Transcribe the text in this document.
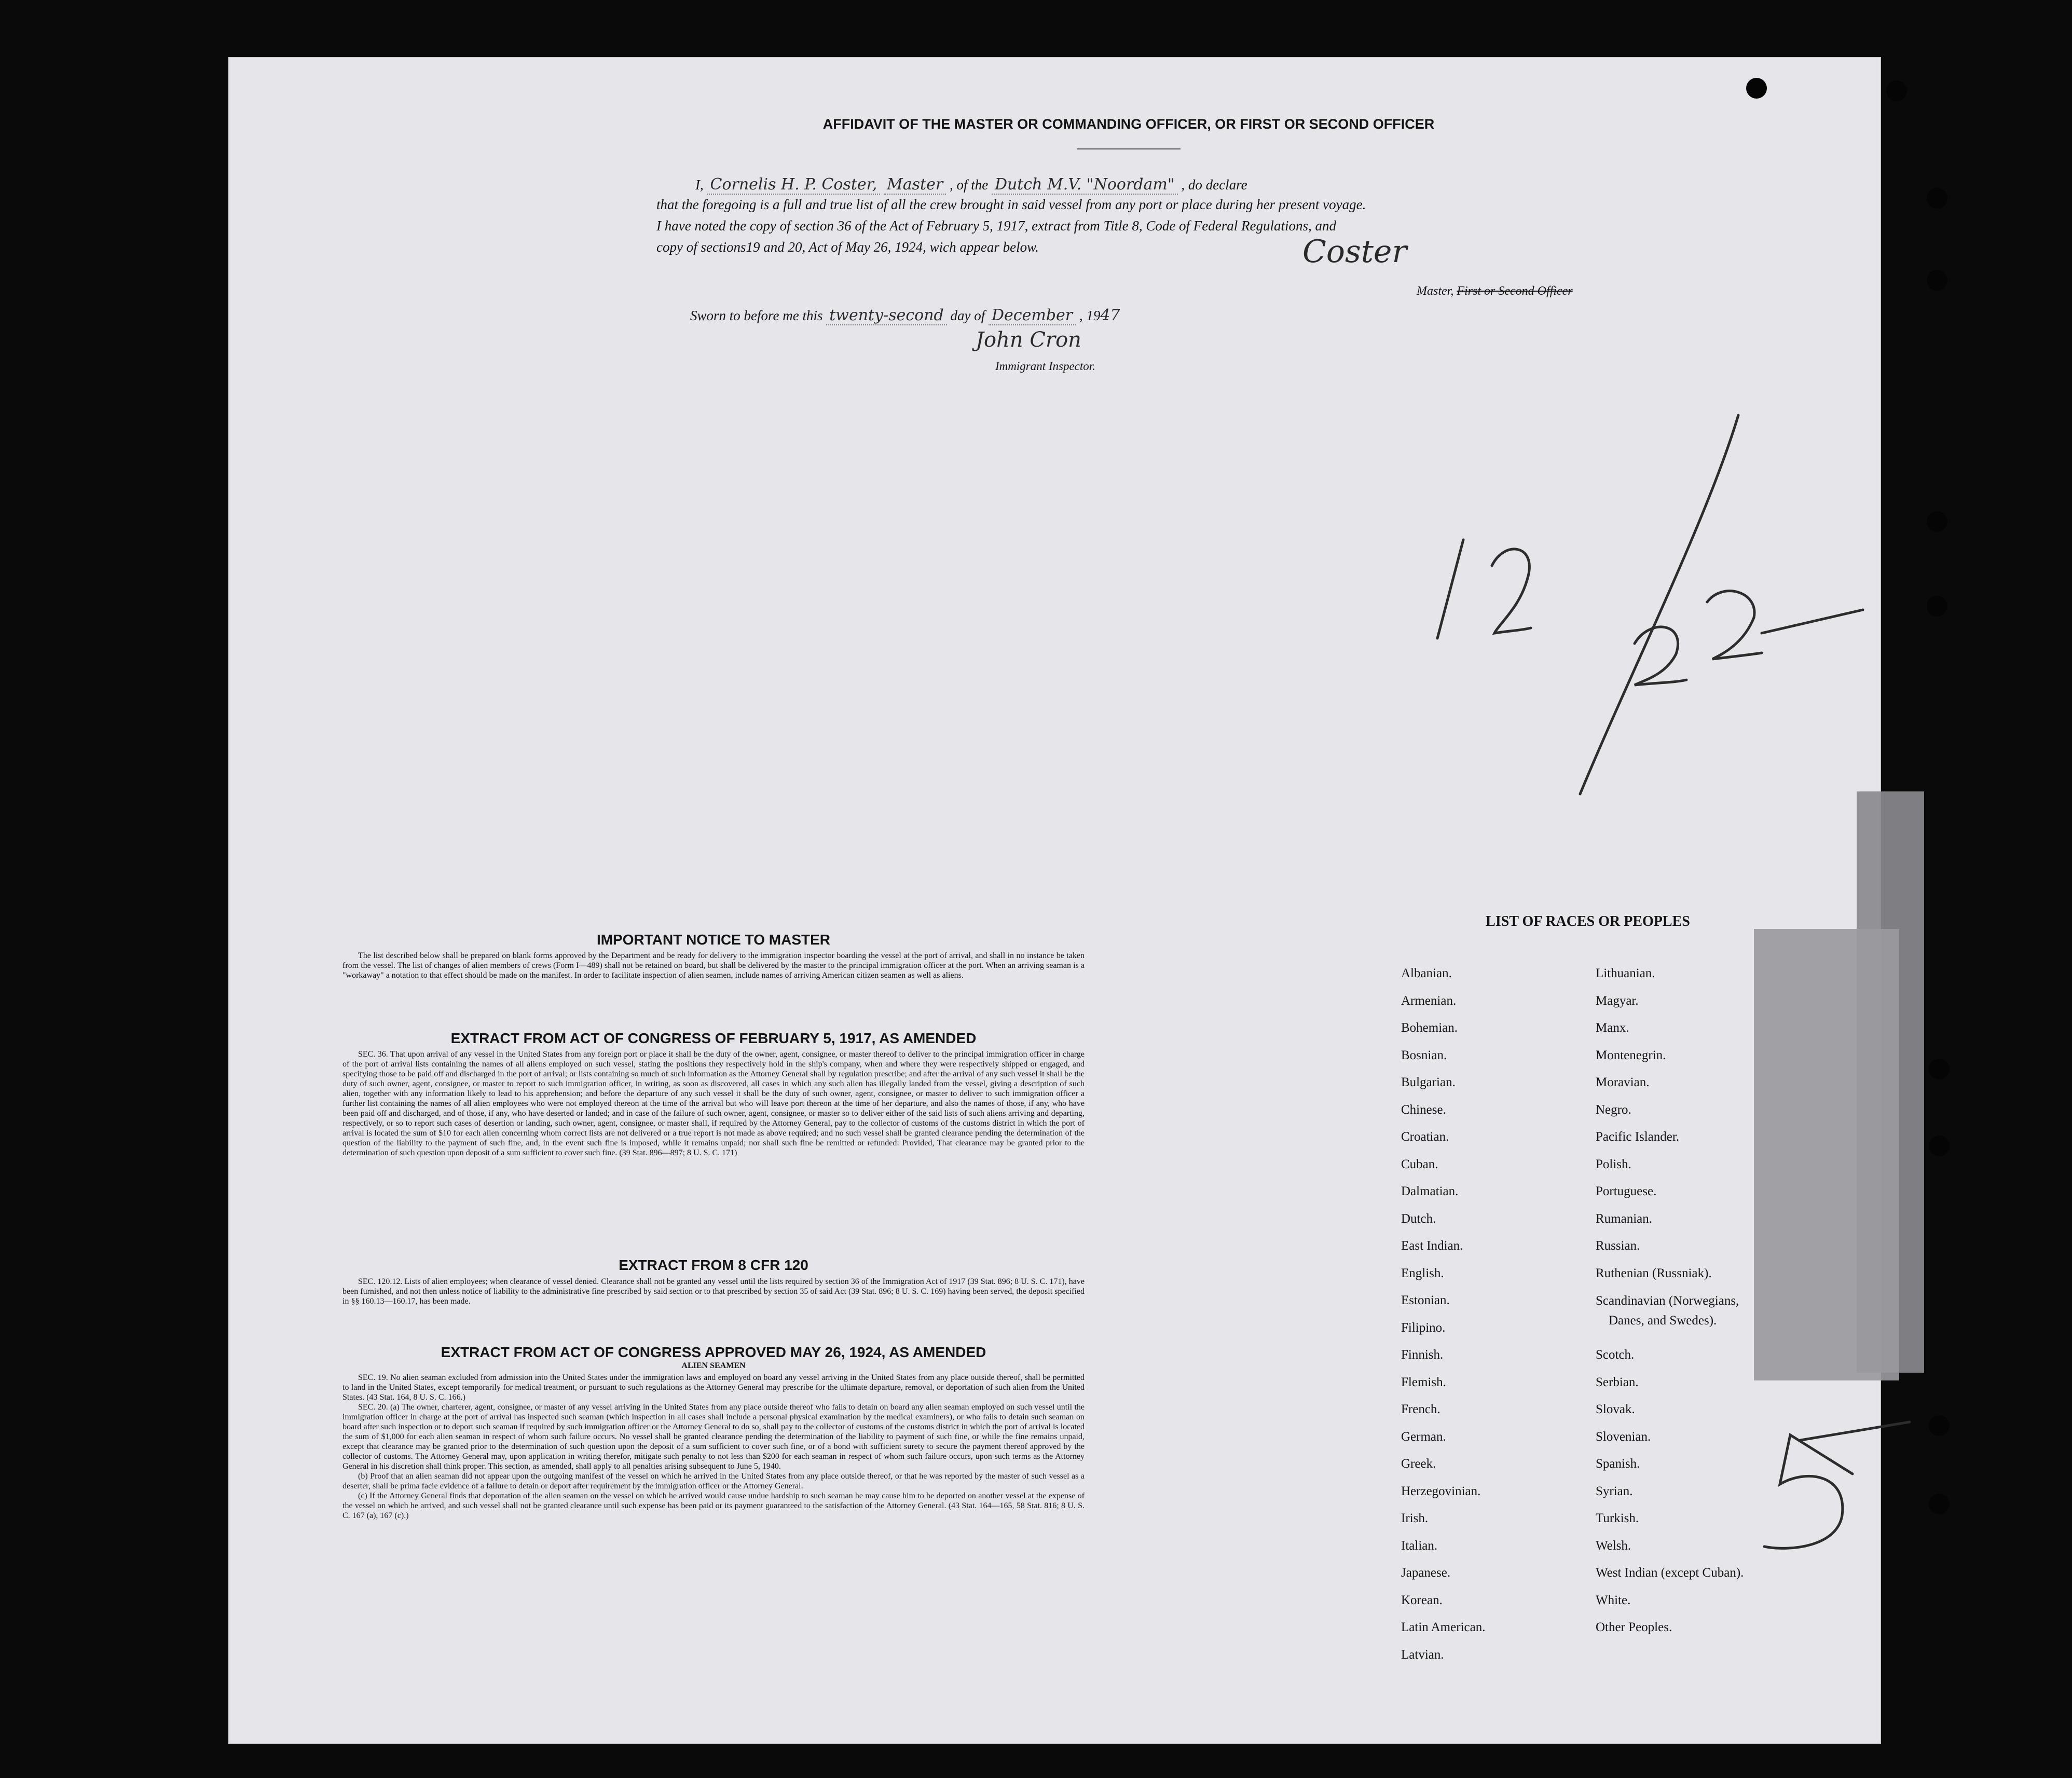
AFFIDAVIT OF THE MASTER OR COMMANDING OFFICER, OR FIRST OR SECOND OFFICER
I, Cornelis H. P. Coster, Master , of the Dutch M.V. "Noordam" , do declare
that the foregoing is a full and true list of all the crew brought in said vessel from any port or place during her present voyage.
I have noted the copy of section 36 of the Act of February 5, 1917, extract from Title 8, Code of Federal Regulations, and
copy of sections19 and 20, Act of May 26, 1924, wich appear below.	Coster
Master, First or Second Officer
Sworn to before me this twenty-second day of December , 1947
John Cron
Immigrant Inspector.
IMPORTANT NOTICE TO MASTER
The list described below shall be prepared on blank forms approved by the Department and be ready for delivery to the immigration inspector boarding the vessel at the port of arrival, and shall in no instance be taken from the vessel. The list of changes of alien members of crews (Form I—489) shall not be retained on board, but shall be delivered by the master to the principal immigration officer at the port. When an arriving seaman is a "workaway" a notation to that effect should be made on the manifest. In order to facilitate inspection of alien seamen, include names of arriving American citizen seamen as well as aliens.
EXTRACT FROM ACT OF CONGRESS OF FEBRUARY 5, 1917, AS AMENDED
SEC. 36. That upon arrival of any vessel in the United States from any foreign port or place it shall be the duty of the owner, agent, consignee, or master thereof to deliver to the principal immigration officer in charge of the port of arrival lists containing the names of all aliens employed on such vessel, stating the positions they respectively hold in the ship's company, when and where they were respectively shipped or engaged, and specifying those to be paid off and discharged in the port of arrival; or lists containing so much of such information as the Attorney General shall by regulation prescribe; and after the arrival of any such vessel it shall be the duty of such owner, agent, consignee, or master to report to such immigration officer, in writing, as soon as discovered, all cases in which any such alien has illegally landed from the vessel, giving a description of such alien, together with any information likely to lead to his apprehension; and before the departure of any such vessel it shall be the duty of such owner, agent, consignee, or master to deliver to such immigration officer a further list containing the names of all alien employees who were not employed thereon at the time of the arrival but who will leave port thereon at the time of her departure, and also the names of those, if any, who have been paid off and discharged, and of those, if any, who have deserted or landed; and in case of the failure of such owner, agent, consignee, or master so to deliver either of the said lists of such aliens arriving and departing, respectively, or so to report such cases of desertion or landing, such owner, agent, consignee, or master shall, if required by the Attorney General, pay to the collector of customs of the customs district in which the port of arrival is located the sum of $10 for each alien concerning whom correct lists are not delivered or a true report is not made as above required; and no such vessel shall be granted clearance pending the determination of the question of the liability to the payment of such fine, and, in the event such fine is imposed, while it remains unpaid; nor shall such fine be remitted or refunded: Provided, That clearance may be granted prior to the determination of such question upon deposit of a sum sufficient to cover such fine. (39 Stat. 896—897; 8 U. S. C. 171)
EXTRACT FROM 8 CFR 120
SEC. 120.12. Lists of alien employees; when clearance of vessel denied. Clearance shall not be granted any vessel until the lists required by section 36 of the Immigration Act of 1917 (39 Stat. 896; 8 U. S. C. 171), have been furnished, and not then unless notice of liability to the administrative fine prescribed by said section or to that prescribed by section 35 of said Act (39 Stat. 896; 8 U. S. C. 169) having been served, the deposit specified in §§ 160.13—160.17, has been made.
EXTRACT FROM ACT OF CONGRESS APPROVED MAY 26, 1924, AS AMENDED
ALIEN SEAMEN
SEC. 19. No alien seaman excluded from admission into the United States under the immigration laws and employed on board any vessel arriving in the United States from any place outside thereof, shall be permitted to land in the United States, except temporarily for medical treatment, or pursuant to such regulations as the Attorney General may prescribe for the ultimate departure, removal, or deportation of such alien from the United States. (43 Stat. 164, 8 U. S. C. 166.)
SEC. 20. (a) The owner, charterer, agent, consignee, or master of any vessel arriving in the United States from any place outside thereof who fails to detain on board any alien seaman employed on such vessel until the immigration officer in charge at the port of arrival has inspected such seaman (which inspection in all cases shall include a personal physical examination by the medical examiners), or who fails to detain such seaman on board after such inspection or to deport such seaman if required by such immigration officer or the Attorney General to do so, shall pay to the collector of customs of the customs district in which the port of arrival is located the sum of $1,000 for each alien seaman in respect of whom such failure occurs. No vessel shall be granted clearance pending the determination of the liability to payment of such fine, or while the fine remains unpaid, except that clearance may be granted prior to the determination of such question upon the deposit of a sum sufficient to cover such fine, or of a bond with sufficient surety to secure the payment thereof approved by the collector of customs. The Attorney General may, upon application in writing therefor, mitigate such penalty to not less than $200 for each seaman in respect of whom such failure occurs, upon such terms as the Attorney General in his discretion shall think proper. This section, as amended, shall apply to all penalties arising subsequent to June 5, 1940.
(b) Proof that an alien seaman did not appear upon the outgoing manifest of the vessel on which he arrived in the United States from any place outside thereof, or that he was reported by the master of such vessel as a deserter, shall be prima facie evidence of a failure to detain or deport after requirement by the immigration officer or the Attorney General.
(c) If the Attorney General finds that deportation of the alien seaman on the vessel on which he arrived would cause undue hardship to such seaman he may cause him to be deported on another vessel at the expense of the vessel on which he arrived, and such vessel shall not be granted clearance until such expense has been paid or its payment guaranteed to the satisfaction of the Attorney General. (43 Stat. 164—165, 58 Stat. 816; 8 U. S. C. 167 (a), 167 (c).)
LIST OF RACES OR PEOPLES
Albanian.
Armenian.
Bohemian.
Bosnian.
Bulgarian.
Chinese.
Croatian.
Cuban.
Dalmatian.
Dutch.
East Indian.
English.
Estonian.
Filipino.
Finnish.
Flemish.
French.
German.
Greek.
Herzegovinian.
Irish.
Italian.
Japanese.
Korean.
Latin American.
Latvian.
Lithuanian.
Magyar.
Manx.
Montenegrin.
Moravian.
Negro.
Pacific Islander.
Polish.
Portuguese.
Rumanian.
Russian.
Ruthenian (Russniak).
Scandinavian (Norwegians,
Danes, and Swedes).
Scotch.
Serbian.
Slovak.
Slovenian.
Spanish.
Syrian.
Turkish.
Welsh.
West Indian (except Cuban).
White.
Other Peoples.
